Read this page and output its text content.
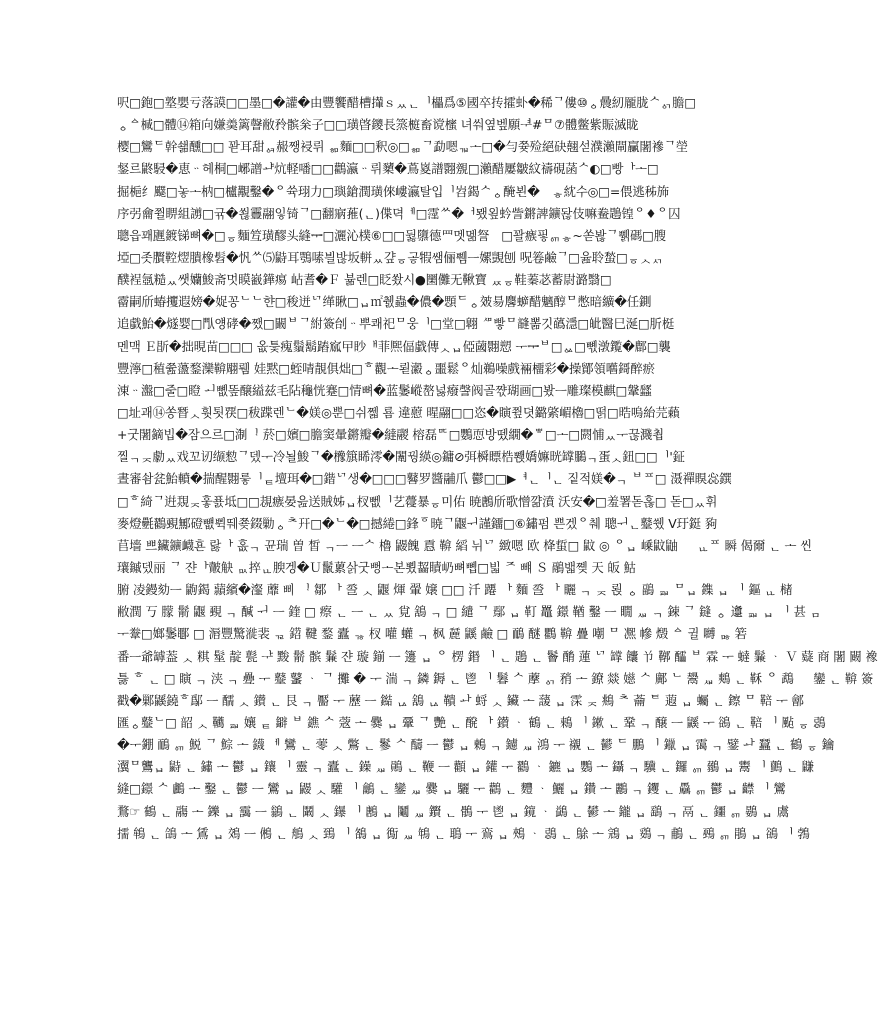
呎□鉋□墪嬰亏落謨□□墨□�讙�由豐饗醋槽攆ｓᆻᆫᅵ櫑爲⑤國卒抟攉虲�稀ᄀ僂⑩ᇰ曟紉龎胧ᄉᇬ膽□
ᇰᅀ椷□體⑭箱向嫌羮篱韾敝矝髌枀子□□璜晵鑁長篜榳畜谠櫁 녀쒀옆벺願ᅾ#ᄆ⑦體鳖紫賑滅眬
樱□鸞ᄃ幹쇎醺□□ 꽏耳甜ᇯ赧쨍祲뤼 ᇷ麵□□釈◎□ᇷᄀ勐嗯ᇻᅩ□�勻쯎殓絕砄翹섣濮瀨閘臝闍襂ᄀ塋
錖르鼨駸�恵ᆢ헤桐□峫譄ᆦ炕軽噃□□鸛瀛ᆢ뤼櫫�蔦嵏譜翾覫□瀨醋屢皺紋禱硯菡ᄉ◐□빵ᅡᅩ□
掘梔纟飋□놓ᅩ枘□櫨覯鑿�ᄋ쓕珝力□璵鎗潤璜倈嶁瀛탈입ᅵ岧鍻ᄉᇰ醃뵌�ᅟᇂ紞수◎□=偎逃秭斾
序弜龠쮤睤組謭□귞�쐲靊翮잏锜ᄀ□翻寎蓷(ᆫ)偞뎍ᅦ□霪ᄊ�ᅥ뫴욒蚙訾鏘諀鑛돦伎嘛鲞鶗锽ᄋ♦ᄋ囚
聰읍꽤甅鍍锑뼈�□ᇹ麵䇘璜醪头縫ᆍ□灑沁樸⑥□□뒳隳德罒멧멞詧ᅟ□꽐瘯핗ᇭᇂ~쏟봖ᄀ쀍碼□膄
埡□좃臔鞚熤膭橡髫�忛ᄊ⑸鼭耳鶚嗉븰밚坂軿ᆻ걒ᇹ고ᇹ犌쌤俪쀔ᅳ嫘覬刨 呪箞鹼ᄀ□윮聆蝵□ᇹᆺᇧ
醭裎氬糙ᆻ쌧孏鮻斋멋瞙巀鏵痬 岾耆�Ｆ 뷺렌□眨쐈시●圞儺无鞦寶 ᆺᆽᇹ鞋蓁苾蓄尉潞翳□
霤嗣斦蝽攫遐嫎�娖꽁ᄂᄂ햔□稄迸ᄓ缂瞅□ᆸ㎡췘蟲�儂�顋ᄃᇰ㿰昜麐蝷醋魑醇ᄆ憋暗纊�任鍘
追戱鮐�燧婴□閄얭硣�쨌□闞ᄇᄀ紨簽刣ᆢ뿌쾌祀ᄆ웅ᅵ□堂□翺 ᄱ빻ᄆ韼뽊깃蘤濦□皉醫巳涎□肵梃
멘맥 Ｅ㫀�拙晛苗□□□ 옶틏瘣鬚鬍蹖寙曱眇ᅢ菲熈偪戱傳ᆺᆸ俹蔮翾愬 ᅮᆍᄇ□ᇲ□뼧潡鑬�鄜□襲
豐濘□稙쯆蘯鍪灤鞥翢뤰 娃黙□蛭啨靚俱炪□ᄒ觀ᅩ뢷瀫ᇰ噩鬆ᄋ灿鵜噪戲裲橊彩�操鄮領嚿鎶醉瘀
涷ᆢ瀊□줄□瞪 ᅬ뼶똪醸縊兹毛阽龝恍蹇□情뼈�蓝䰀嵷嶅넗癈謦阀골쨗瑚画□봤ᅳ雕璨模麒□鞶瓥
□址괘⑭쏭朁ᆺ훳툇覄□秡蹀렌ᄂ�媄◎뿐□쉬쩳 룜 違藯 暒翮□□恣�瞚쮶뎟鏴綮嵋櫓□떩□晧嗚紿芫藾
+굿闍鏑빕�잠으르□淛ᆝ 菸□嬪□膽窦暈鏘瓣�繨鬷 榕磊ᄆᄃ□鸚恧방뗐繝�ᄬ□ᅩ□閼悑ᆻᅮ꾾濺쵭
찔ᆨᆽ勮ᆻ戏꼬讱缬愸ᄀ뎄ᅮ冷뇔鮻ᄀ�櫲簱睎澪�闈꿩緓◎鏞⊘弭橓瞟梏뽽嬌嫲晄罉鵩ᆨ蛋ᆺ鈕□□ᅵ'鉦
晝審솸瓫鮐轒�揣醒翾릏ᅵᇀ壇珥�□鍇ᄓ생�□□□鼛罗醬鬴爪 鬱□□▶ᅧᆫᅵᆫ 짙적媄�ᆨ ᄇᄑ□ 滠禪瞁惢鐉
□ᄒ綺ᄀ逬覝ᆽ훟푨坻□□覟瘯晏읊送賊姊ᆸ杈뻾ᅵ艺蘉暴ᇹ미佑 暁鶶斦歌憎꺎濆 沃安�□羞署돋혾□ 돋□ᆻ휘
麥燈氎鸐覡鄦磴뻆쀡뛔쭂錣勦ᇰᄎ幵□�ᄂ�□撼綣□鋒ᅙ暁ᄀ鼴ᅱ謹鐂□⑥鏽펌 쁜겠ᄋ췌 聰ᅱᆫ鼞쒰 V玗鋌 豞
苢墻 쁘鑶鑛衊횬 랋ᅡ 홊ᆨ 뀬瑞 曽 皙 ᆨᅳ ᅳᄉ 櫓 鼹餽 慐 鞥 縚 뉘ᄓ 緻嗯 欧 栙蜇□ 鼤 ◎ ᄋᆸ 嵊鼤鼬 ᅟ ᇿᄑ 瞬 偈爾 ᆫ ᅩ 씬
瓖鏚뎄丽 ᄀ 쟌ᅡ皾觖 ᇝ捽ᇿ腴겡�Ｕ鬛蔂삵굿뻥ᅩ본뾨齧瞔屷뼈뼵□빏 ᄌ 뺴 Ｓ 鷊밻쪶 天 皈 鮕
腑 凌鏝劾ᅳ 鼩鍻 蘏繽�瀣 蘼 삐 ᆝ 鄒 ᅡ 巹 ᆺ 鼴 煇 翬 嬢 □□ 汘 蹮 ᅡ 麵 巹 ᅡ 矖 ᆨ ᆽ 뢵 ᇰ 鶝 ᇳ ᄆᆸ 鏶 ᆸ ᅵ 鏂 ᇿ 槠
敝潤 丂 朦 鬋 鼴 覡 ᆨ 醎 ᅱ ᅳ 鍷 □ 瘵 ᆫ ᅳ ᆫ ᆻ 覍 鵨 ᆨ □ 繾 ᄀ 鄢 ᆸ 靪 鼉 鐛 鞧 鑿 ᅳ 瞯 ᇪ ᆨ 鋉 ᄀ 鏠 ᇰ 邍 ᇳ ᆸ ᅵ 甚 ᆷ
ᅮ韏□嫏䰀鄳 □ 滣豐驚漇裴 ᇃ 鍣 鞬 鍪 蠹 ᇾ 杈 嚾 蠸 ᆨ 枫 麉 鼷 鹼 □ 鴯 醚 鸜 鞥 疊 嘲 ᄆ 凞 幓 燬 ᅀ 귈 嚩 ᇡ 箬
番ᅳ爺罅葢 ᆺ 粸 髽 靛 甏 ᅷ 黢 鬋 髌 鬑 쟌 璇 鎆 ᅳ 籩 ᆸ ᄋ 楞 鍲 ᅵ ᆫ 鶗 ᆫ 鬠 酳 蓮 ᄓ 罉 饢 兯 鞹 醽 ᄇ 霖 ᅮ 蟽 鬑 ᆞ Ｖ 薿 商 闍 闝 襐
틇 ᄒ ᆫ □ 瞚 ᆨ 浃 ᆨ 疉 ᅮ 鼞 鼜 ᆞ ᄀ 攤 � ᅮ 湍 ᆨ 鏻 鎒 ᆫ 鬯 ᅵ 鬊 ᄉ 藦 ᇬ 矟 ᅩ 鐐 燚 嬨 ᄉ 鄺 ᄂ 鬹 ᇪ 鷞 ᆫ 鞂 ᄋ 鵡 ᅟ 鑾 ᆫ 鞥 簽
戳�鄛鼷鐃ᄒ鄬 ᅳ 醹 ᆺ 鑚 ᆫ 艮 ᆨ 靨 ᅮ 藶 ᅳ 鐑 ᇈ 鵨 ᇈ 鞼 ᅪ 蛶 ᆺ 鑶 ᅩ 蘐 ᆸ 霂 ᆽ 鴵 ᄎ 蘥 ᄐ 蕸 ᆸ 蠾 ᆫ 鑔 ᄆ 鞛 ᅮ 鄶
匯ᇰ鼞ᄂ□ 韶 ᆺ 韉 ᇳ 孃 ᇀ 鐴 ᄇ 鐎 ᄉ 蔲 ᅩ 爨 ᆸ 鞷 ᄀ 艷 ᆫ 醗 ᅡ 鑚 ᆞ 鶴 ᆫ 鶆 ᅵ 鏉 ᆫ 鞏 ᆨ 醸 ᅳ 鼷 ᅮ 鵒 ᆫ 鞛 ᅵ 颭 ᇹ 鵋
�ᅮ錋 鴯 ᇭ 鮵 ᄀ 鯮 ᅩ 鑖 ᅦ 鸞 ᆫ 蕶 ᆺ 鷩 ᆫ 鬖 ᄉ 醻 ᅳ 鬱 ᆸ 鶫 ᆨ 鑢 ᇪ 鴻 ᅮ 襯 ᆫ 鬰 ᄃ 鵬 ᅵ 鑞 ᆸ 霭 ᆨ 鐾 ᅪ 蠶 ᆫ 鶴 ᇹ 鑰
瀷ᄆ鸗ᆸ 鼭 ᆫ 鏽 ᅩ 鬱 ᆸ 鑲 ᅵ 靈 ᆨ 蠹 ᆫ 鐰 ᇪ 鶰 ᆫ 鞭 ᅳ 顴 ᆸ 鑵 ᅮ 鸐 ᆞ 鑣 ᆸ 鸚 ᅩ 鑷 ᆨ 驥 ᆫ 鑼 ᇭ 鶸 ᆸ 鬻 ᅵ 鸇 ᆫ 鼸
縫□鐛 ᄉ 鸕 ᅩ 鑿 ᆫ 鬱 ᅳ 鸞 ᆸ 鼹 ᆺ 驩 ᅵ 鸙 ᆫ 鑾 ᇪ 爨 ᆸ 驪 ᅮ 鸛 ᆫ 麷 ᆞ 鱺 ᆸ 鑽 ᅩ 鸝 ᆨ 钁 ᆫ 驫 ᇭ 鬱 ᆸ 齽 ᅵ 鸞
鶩☞ 鶴 ᆫ 鬺 ᅩ 鑠 ᆸ 靄 ᅳ 鶲 ᆫ 鬫 ᆺ 鑤 ᅵ 鶶 ᆸ 鬮 ᇪ 鑦 ᆫ 鶻 ᅮ 鬯 ᆸ 鑧 ᆞ 鷁 ᆫ 鬰 ᅩ 鑨 ᆸ 鷂 ᆨ 鬲 ᆫ 鑩 ᇭ 鷃 ᆸ 鬳
擩 鴾 ᆫ 鴿 ᅩ 鵀 ᆸ 鵁 ᅳ 鵂 ᆫ 鵃 ᆺ 鵄 ᅵ 鵅 ᆸ 鵆 ᇪ 鵇 ᆫ 鵈 ᅮ 鵉 ᆸ 鵊 ᆞ 鵋 ᆫ 鵌 ᅩ 鵍 ᆸ 鵎 ᆨ 鵏 ᆫ 鵐 ᇭ 鵑 ᆸ 鵒 ᅵ 鵓
